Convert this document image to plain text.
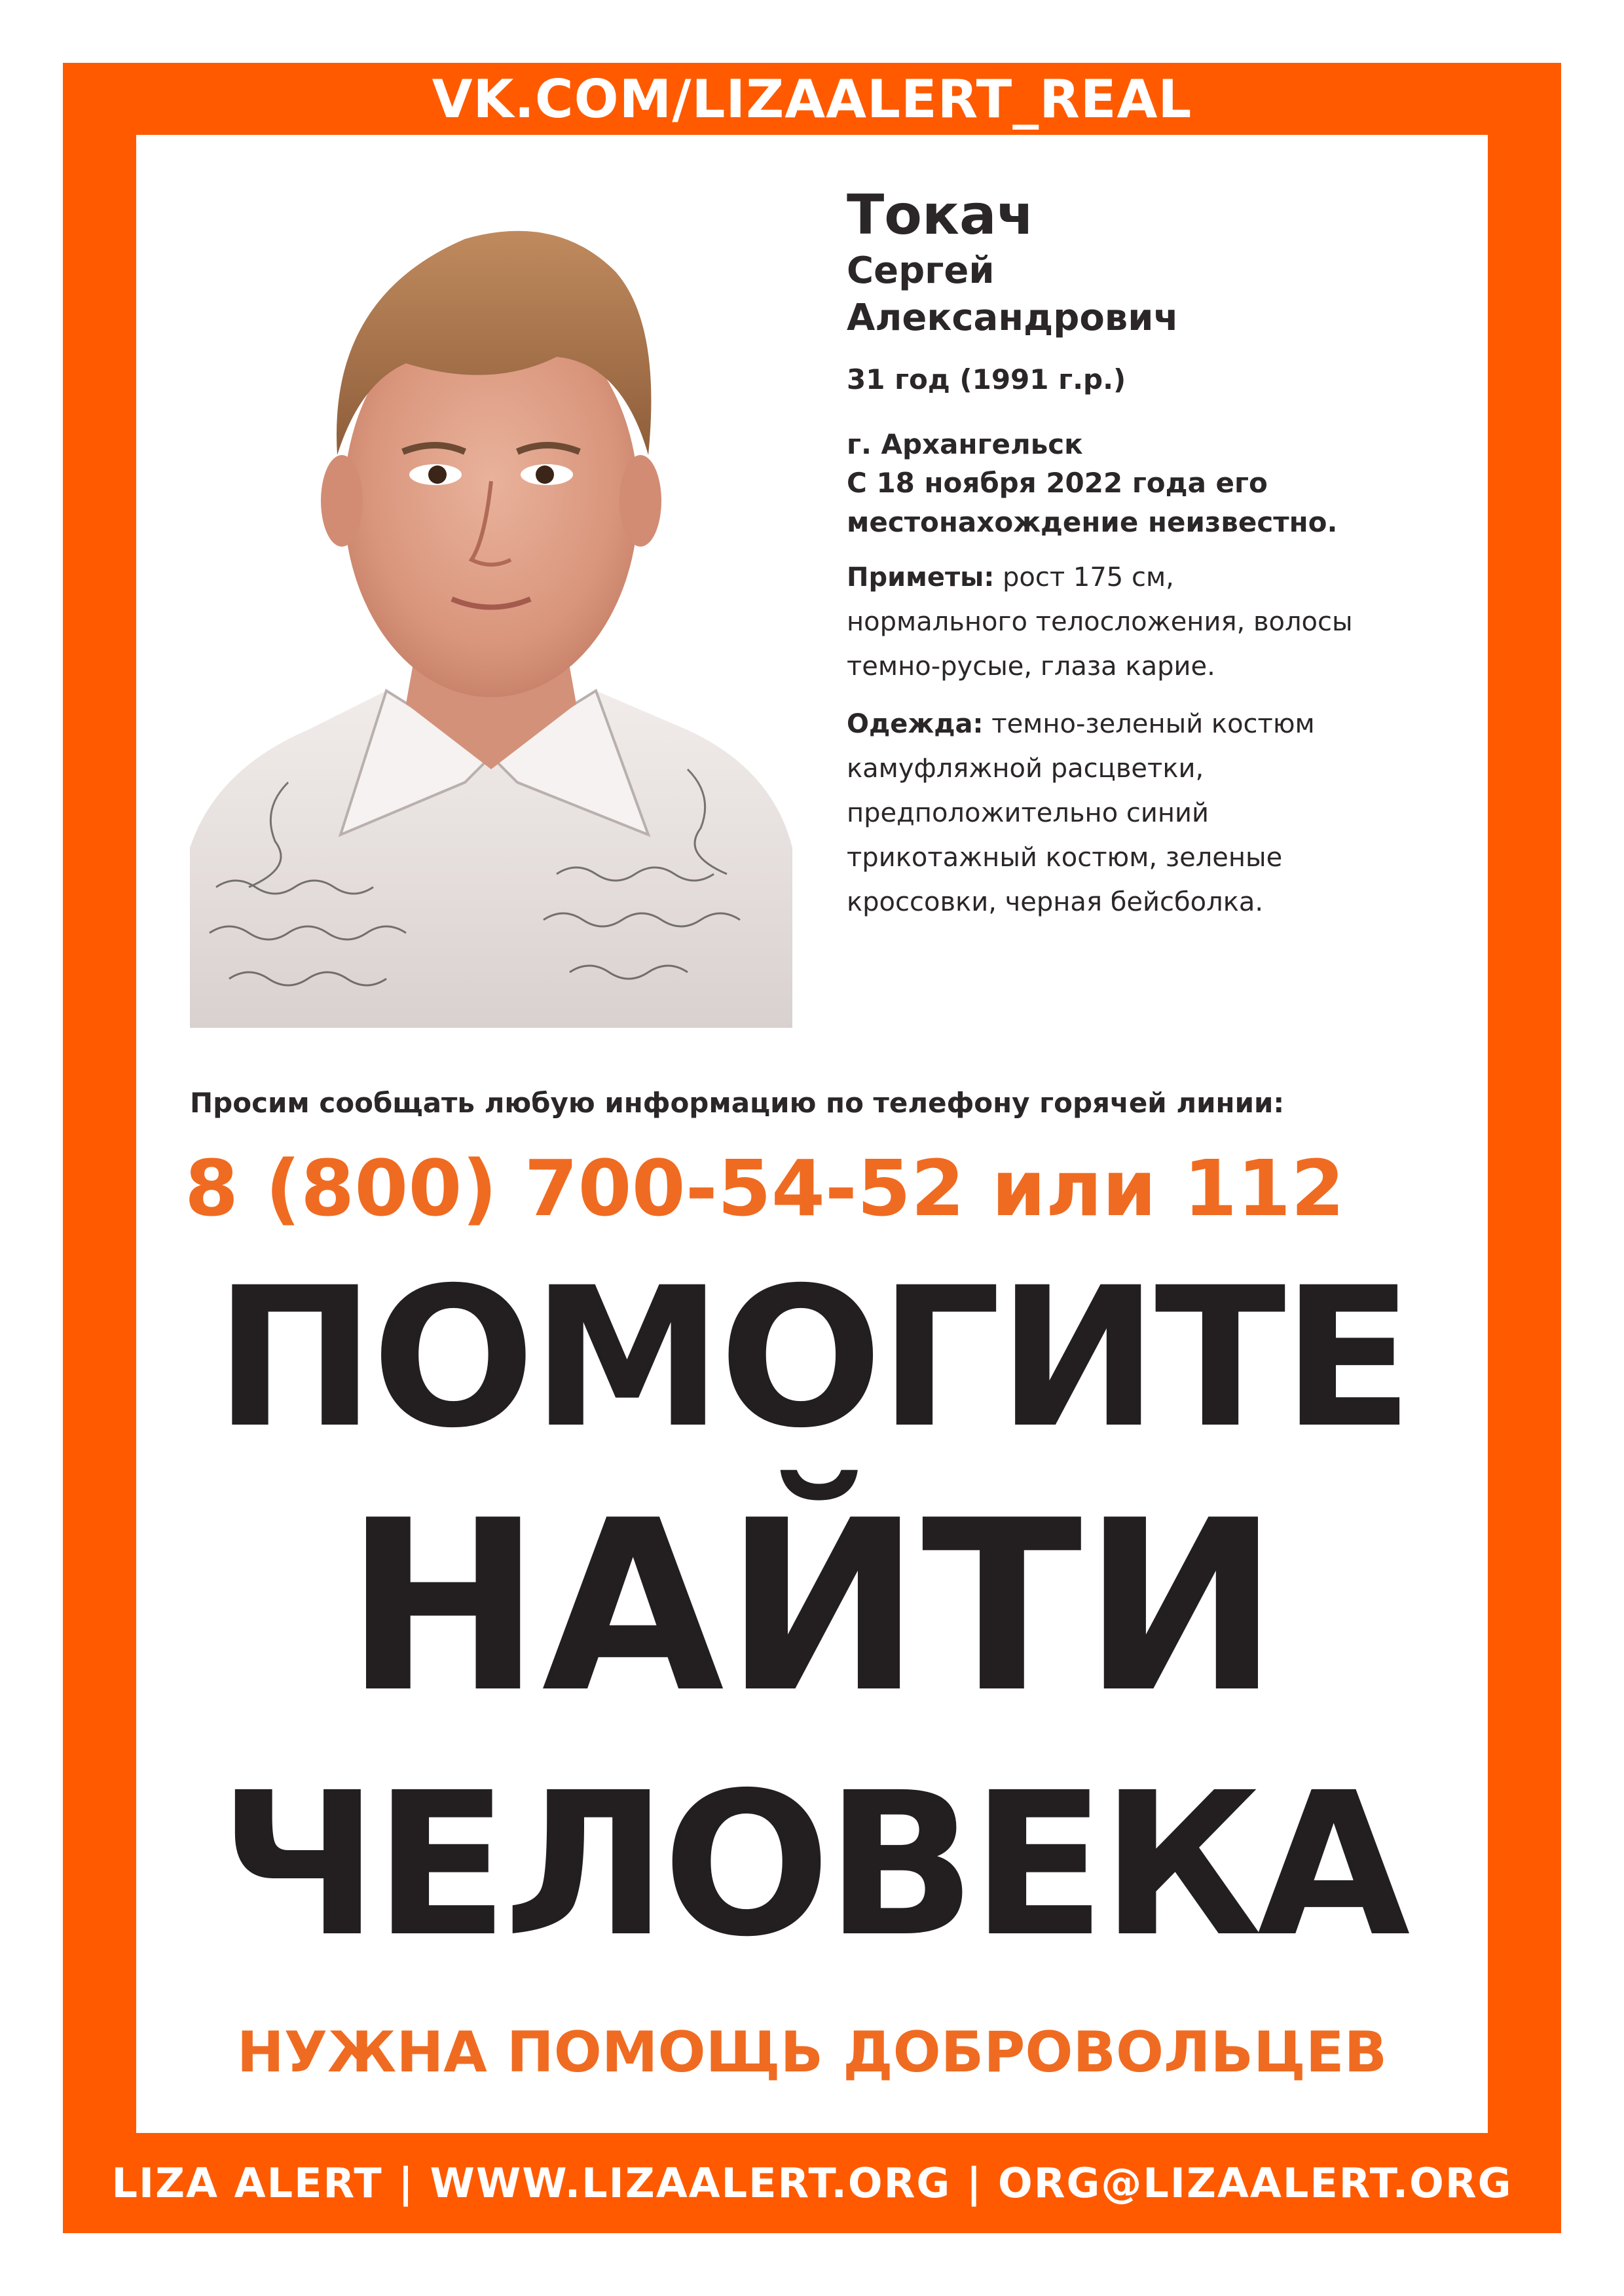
VK.COM/LIZAALERT_REAL
Токач
Сергей
Александрович
31 год (1991 г.р.)
г. Архангельск
С 18 ноября 2022 года его
местонахождение неизвестно.
Приметы: рост 175 см,
нормального телосложения, волосы
темно-русые, глаза карие.
Одежда: темно-зеленый костюм
камуфляжной расцветки,
предположительно синий
трикотажный костюм, зеленые
кроссовки, черная бейсболка.
Просим сообщать любую информацию по телефону горячей линии:
8 (800) 700-54-52 или 112
ПОМОГИТЕ
НАЙТИ
ЧЕЛОВЕКА
НУЖНА ПОМОЩЬ ДОБРОВОЛЬЦЕВ
LIZA ALERT | WWW.LIZAALERT.ORG | ORG@LIZAALERT.ORG
